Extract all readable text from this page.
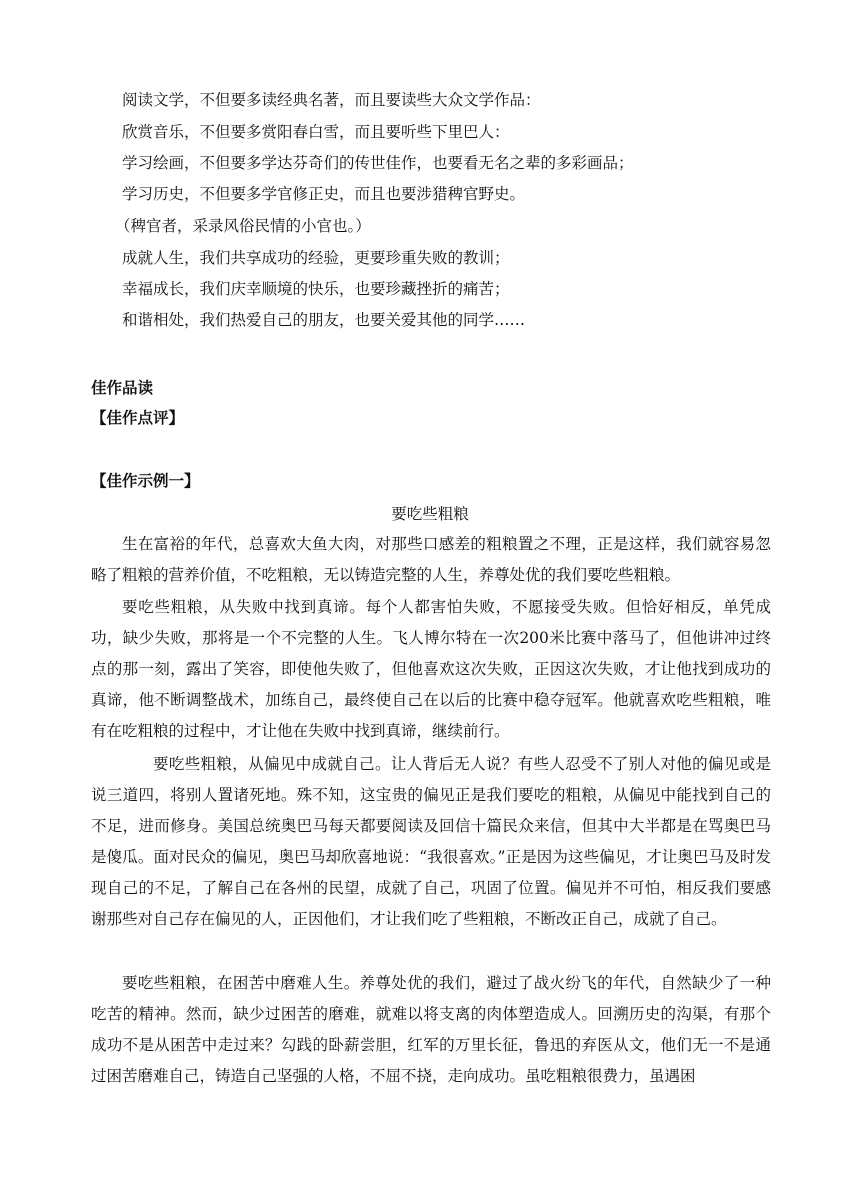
阅读文学，不但要多读经典名著，而且要读些大众文学作品：
欣赏音乐，不但要多赏阳春白雪，而且要听些下里巴人：
学习绘画，不但要多学达芬奇们的传世佳作，也要看无名之辈的多彩画品；
学习历史，不但要多学官修正史，而且也要涉猎稗官野史。
（稗官者，采录风俗民情的小官也。）
成就人生，我们共享成功的经验，更要珍重失败的教训；
幸福成长，我们庆幸顺境的快乐，也要珍藏挫折的痛苦；
和谐相处，我们热爱自己的朋友，也要关爱其他的同学……
佳作品读
【佳作点评】
【佳作示例一】
要吃些粗粮

生在富裕的年代，总喜欢大鱼大肉，对那些口感差的粗粮置之不理，正是这样，我们就容易忽略了粗粮的营养价值，不吃粗粮，无以铸造完整的人生，养尊处优的我们要吃些粗粮。

要吃些粗粮，从失败中找到真谛。每个人都害怕失败，不愿接受失败。但恰好相反，单凭成功，缺少失败，那将是一个不完整的人生。飞人博尔特在一次200米比赛中落马了，但他讲冲过终点的那一刻，露出了笑容，即使他失败了，但他喜欢这次失败，正因这次失败，才让他找到成功的真谛，他不断调整战术，加练自己，最终使自己在以后的比赛中稳夺冠军。他就喜欢吃些粗粮，唯有在吃粗粮的过程中，才让他在失败中找到真谛，继续前行。

要吃些粗粮，从偏见中成就自己。让人背后无人说？有些人忍受不了别人对他的偏见或是说三道四，将别人置诸死地。殊不知，这宝贵的偏见正是我们要吃的粗粮，从偏见中能找到自己的不足，进而修身。美国总统奥巴马每天都要阅读及回信十篇民众来信，但其中大半都是在骂奥巴马是傻瓜。面对民众的偏见，奥巴马却欣喜地说：“我很喜欢。”正是因为这些偏见，才让奥巴马及时发现自己的不足，了解自己在各州的民望，成就了自己，巩固了位置。偏见并不可怕，相反我们要感谢那些对自己存在偏见的人，正因他们，才让我们吃了些粗粮，不断改正自己，成就了自己。

要吃些粗粮，在困苦中磨难人生。养尊处优的我们，避过了战火纷飞的年代，自然缺少了一种吃苦的精神。然而，缺少过困苦的磨难，就难以将支离的肉体塑造成人。回溯历史的沟渠，有那个成功不是从困苦中走过来？勾践的卧薪尝胆，红军的万里长征，鲁迅的弃医从文，他们无一不是通过困苦磨难自己，铸造自己坚强的人格，不屈不挠，走向成功。虽吃粗粮很费力，虽遇困
